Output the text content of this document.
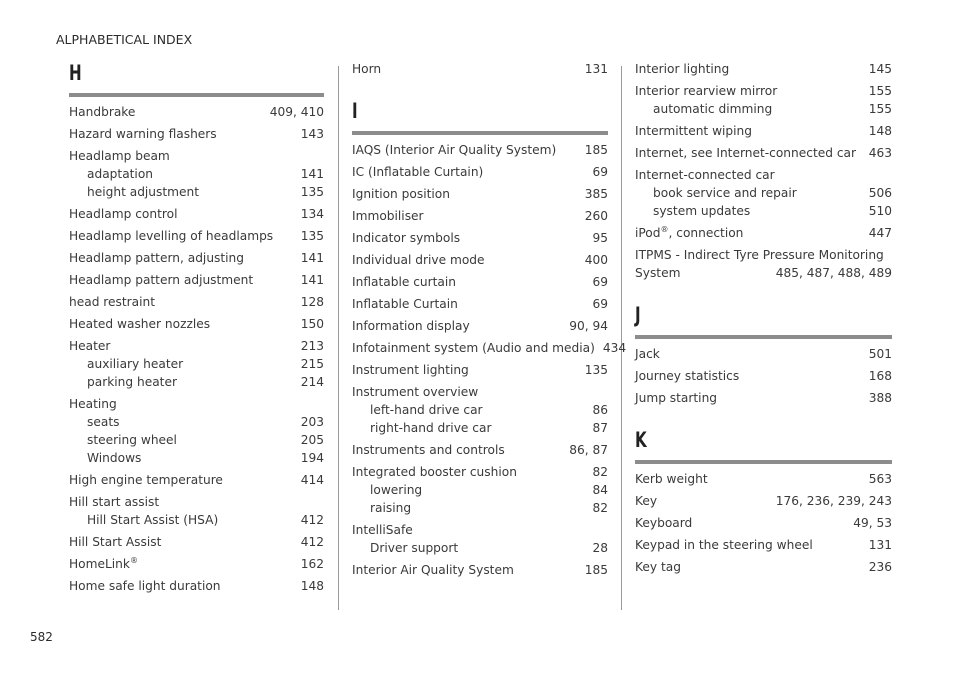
ALPHABETICAL INDEX
H
Handbrake	409, 410
Hazard warning flashers	143
Headlamp beam
adaptation	141
height adjustment	135
Headlamp control	134
Headlamp levelling of headlamps 135
Headlamp pattern, adjusting	141
Headlamp pattern adjustment	141
head restraint	128
Heated washer nozzles	150
Heater	213
auxiliary heater	215
parking heater	214
Heating
seats	203
steering wheel	205
Windows	194
High engine temperature	414
Hill start assist
Hill Start Assist (HSA)	412
Hill Start Assist	412
HomeLink®	162
Home safe light duration	148
Horn	131
I
IAQS (Interior Air Quality System) 185
IC (Inflatable Curtain)	69
Ignition position	385
Immobiliser	260
Indicator symbols	95
Individual drive mode	400
Inflatable curtain	69
Inflatable Curtain	69
Information display	90, 94
Infotainment system (Audio and media) 434
Instrument lighting	135
Instrument overview
left-hand drive car	86
right-hand drive car	87
Instruments and controls	86, 87
Integrated booster cushion	82
lowering	84
raising	82
IntelliSafe
Driver support	28
Interior Air Quality System	185
Interior lighting	145
Interior rearview mirror	155
automatic dimming	155
Intermittent wiping	148
Internet, see Internet-connected car 463
Internet-connected car
book service and repair	506
system updates	510
iPod®, connection	447
ITPMS - Indirect Tyre Pressure Monitoring
System	485, 487, 488, 489
J
Jack	501
Journey statistics	168
Jump starting	388
K
Kerb weight	563
Key	176, 236, 239, 243
Keyboard	49, 53
Keypad in the steering wheel	131
Key tag	236
582
